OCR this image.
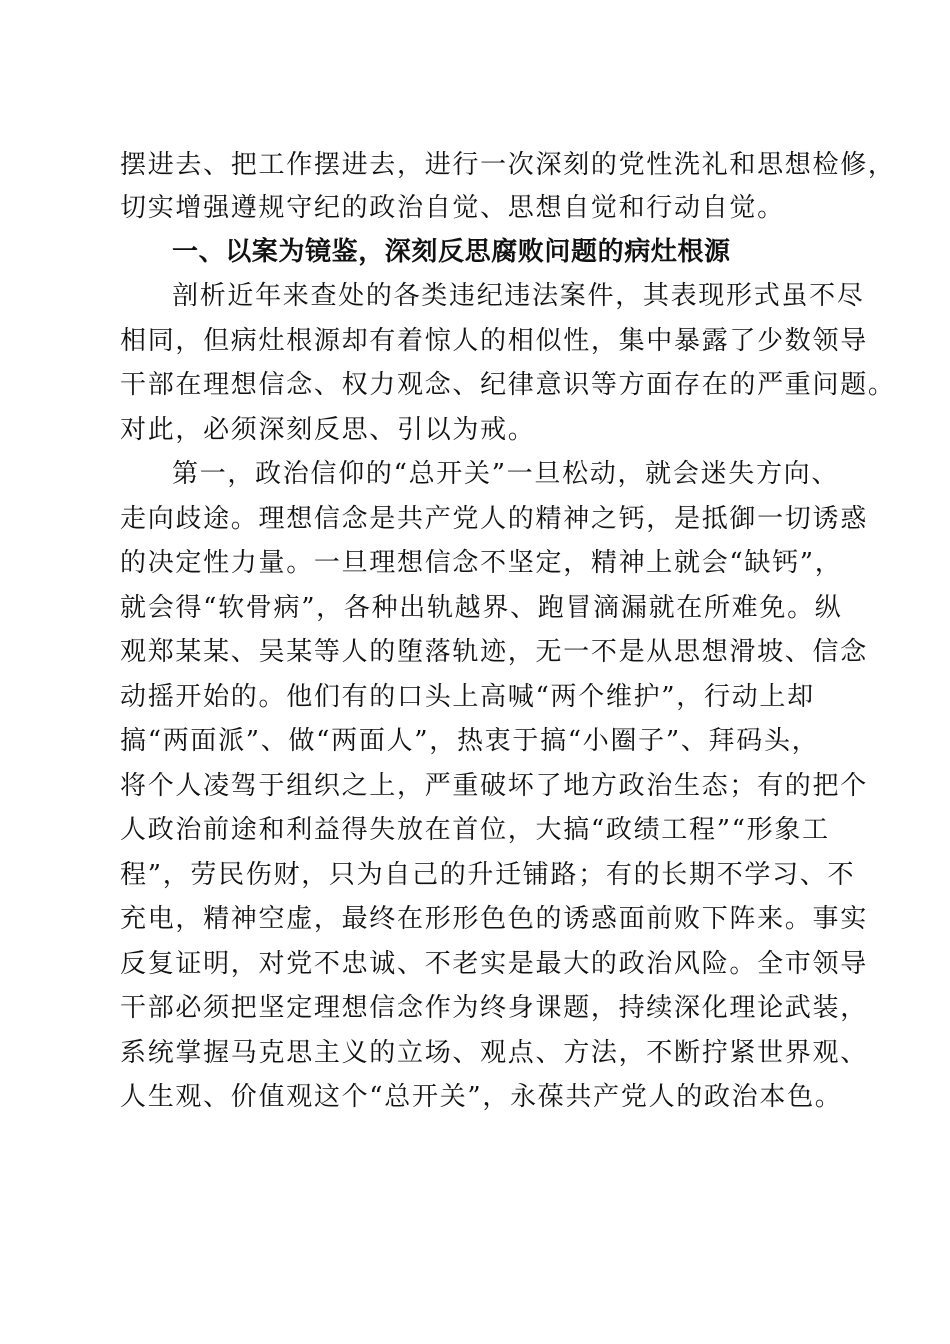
摆进去、把工作摆进去，进行一次深刻的党性洗礼和思想检修，
切实增强遵规守纪的政治自觉、思想自觉和行动自觉。
一、以案为镜鉴，深刻反思腐败问题的病灶根源
剖析近年来查处的各类违纪违法案件，其表现形式虽不尽
相同，但病灶根源却有着惊人的相似性，集中暴露了少数领导
干部在理想信念、权力观念、纪律意识等方面存在的严重问题。
对此，必须深刻反思、引以为戒。
第一，政治信仰的“总开关”一旦松动，就会迷失方向、
走向歧途。理想信念是共产党人的精神之钙，是抵御一切诱惑
的决定性力量。一旦理想信念不坚定，精神上就会“缺钙”，
就会得“软骨病”，各种出轨越界、跑冒滴漏就在所难免。纵
观郑某某、吴某等人的堕落轨迹，无一不是从思想滑坡、信念
动摇开始的。他们有的口头上高喊“两个维护”，行动上却
搞“两面派”、做“两面人”，热衷于搞“小圈子”、拜码头，
将个人凌驾于组织之上，严重破坏了地方政治生态；有的把个
人政治前途和利益得失放在首位，大搞“政绩工程”“形象工
程”，劳民伤财，只为自己的升迁铺路；有的长期不学习、不
充电，精神空虚，最终在形形色色的诱惑面前败下阵来。事实
反复证明，对党不忠诚、不老实是最大的政治风险。全市领导
干部必须把坚定理想信念作为终身课题，持续深化理论武装，
系统掌握马克思主义的立场、观点、方法，不断拧紧世界观、
人生观、价值观这个“总开关”，永葆共产党人的政治本色。
